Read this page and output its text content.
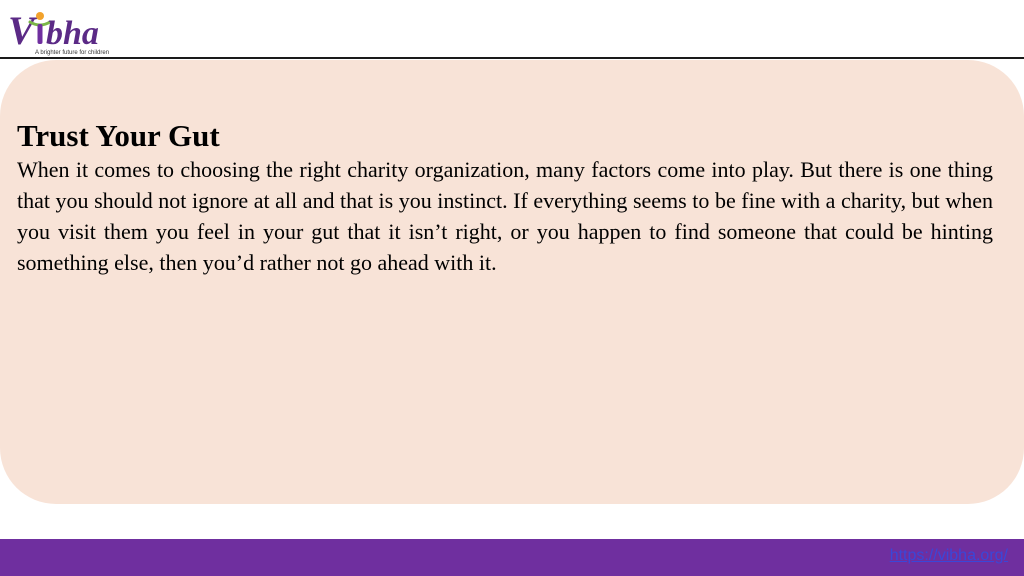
V bha
A brighter future for children
Trust Your Gut

When it comes to choosing the right charity organization, many factors come into play. But there is one thing that you should not ignore at all and that is you instinct. If everything seems to be fine with a charity, but when you visit them you feel in your gut that it isn’t right, or you happen to find someone that could be hinting something else, then you’d rather not go ahead with it.

https://vibha.org/
